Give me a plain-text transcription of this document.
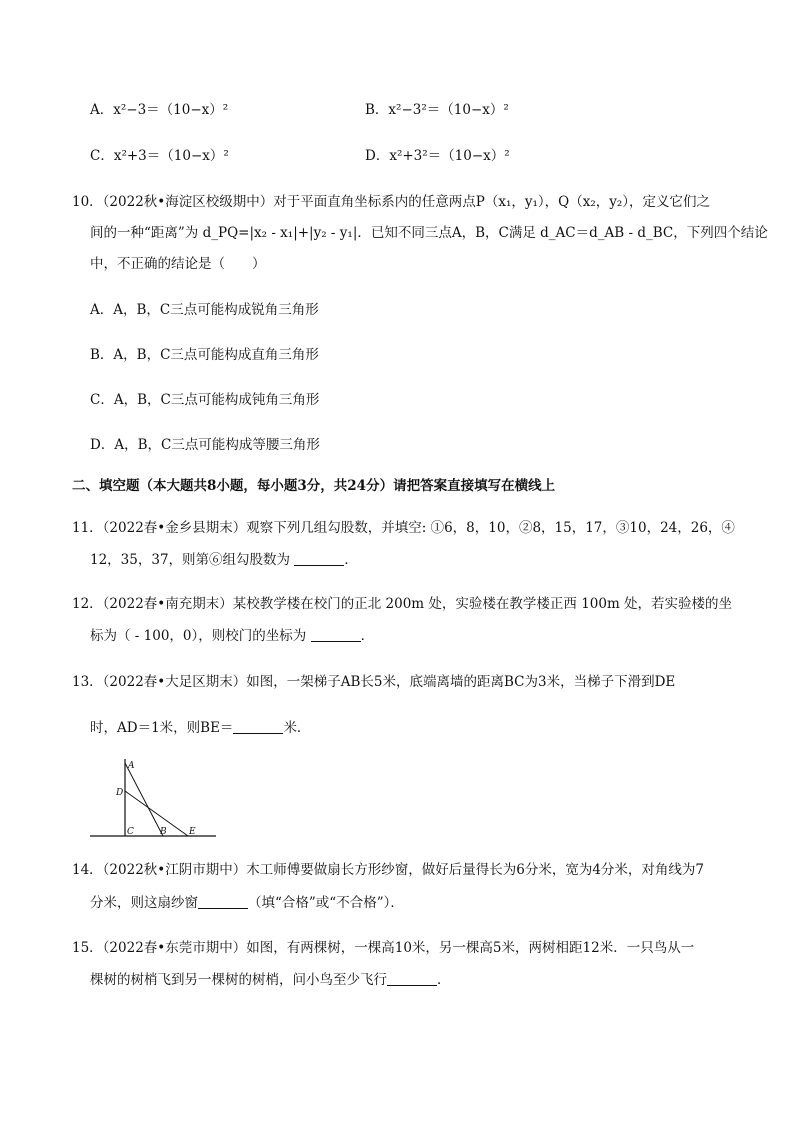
A．x²−3＝（10−x）²	B．x²−3²＝（10−x）²
C．x²+3＝（10−x）²	D．x²+3²＝（10−x）²
10．（2022秋•海淀区校级期中）对于平面直角坐标系内的任意两点P（x₁，y₁），Q（x₂，y₂），定义它们之
间的一种“距离”为 d_PQ=|x₂ - x₁|+|y₂ - y₁|．已知不同三点A，B，C满足 d_AC＝d_AB - d_BC，下列四个结论
中，不正确的结论是（　　）
A．A，B，C三点可能构成锐角三角形
B．A，B，C三点可能构成直角三角形
C．A，B，C三点可能构成钝角三角形
D．A，B，C三点可能构成等腰三角形
二、填空题（本大题共8小题，每小题3分，共24分）请把答案直接填写在横线上
11．（2022春•金乡县期末）观察下列几组勾股数，并填空: ①6，8，10，②8，15，17，③10，24，26，④
12，35，37，则第⑥组勾股数为	．
12．（2022春•南充期末）某校教学楼在校门的正北 200m 处，实验楼在教学楼正西 100m 处，若实验楼的坐
标为（ - 100，0），则校门的坐标为	．
13．（2022春•大足区期末）如图，一架梯子AB长5米，底端离墙的距离BC为3米，当梯子下滑到DE
时，AD＝1米，则BE＝	米．
A
D
C	B E
14．（2022秋•江阴市期中）木工师傅要做扇长方形纱窗，做好后量得长为6分米，宽为4分米，对角线为7
分米，则这扇纱窗	（填“合格”或“不合格”）．
15．（2022春•东莞市期中）如图，有两棵树，一棵高10米，另一棵高5米，两树相距12米．一只鸟从一
棵树的树梢飞到另一棵树的树梢，问小鸟至少飞行	．
